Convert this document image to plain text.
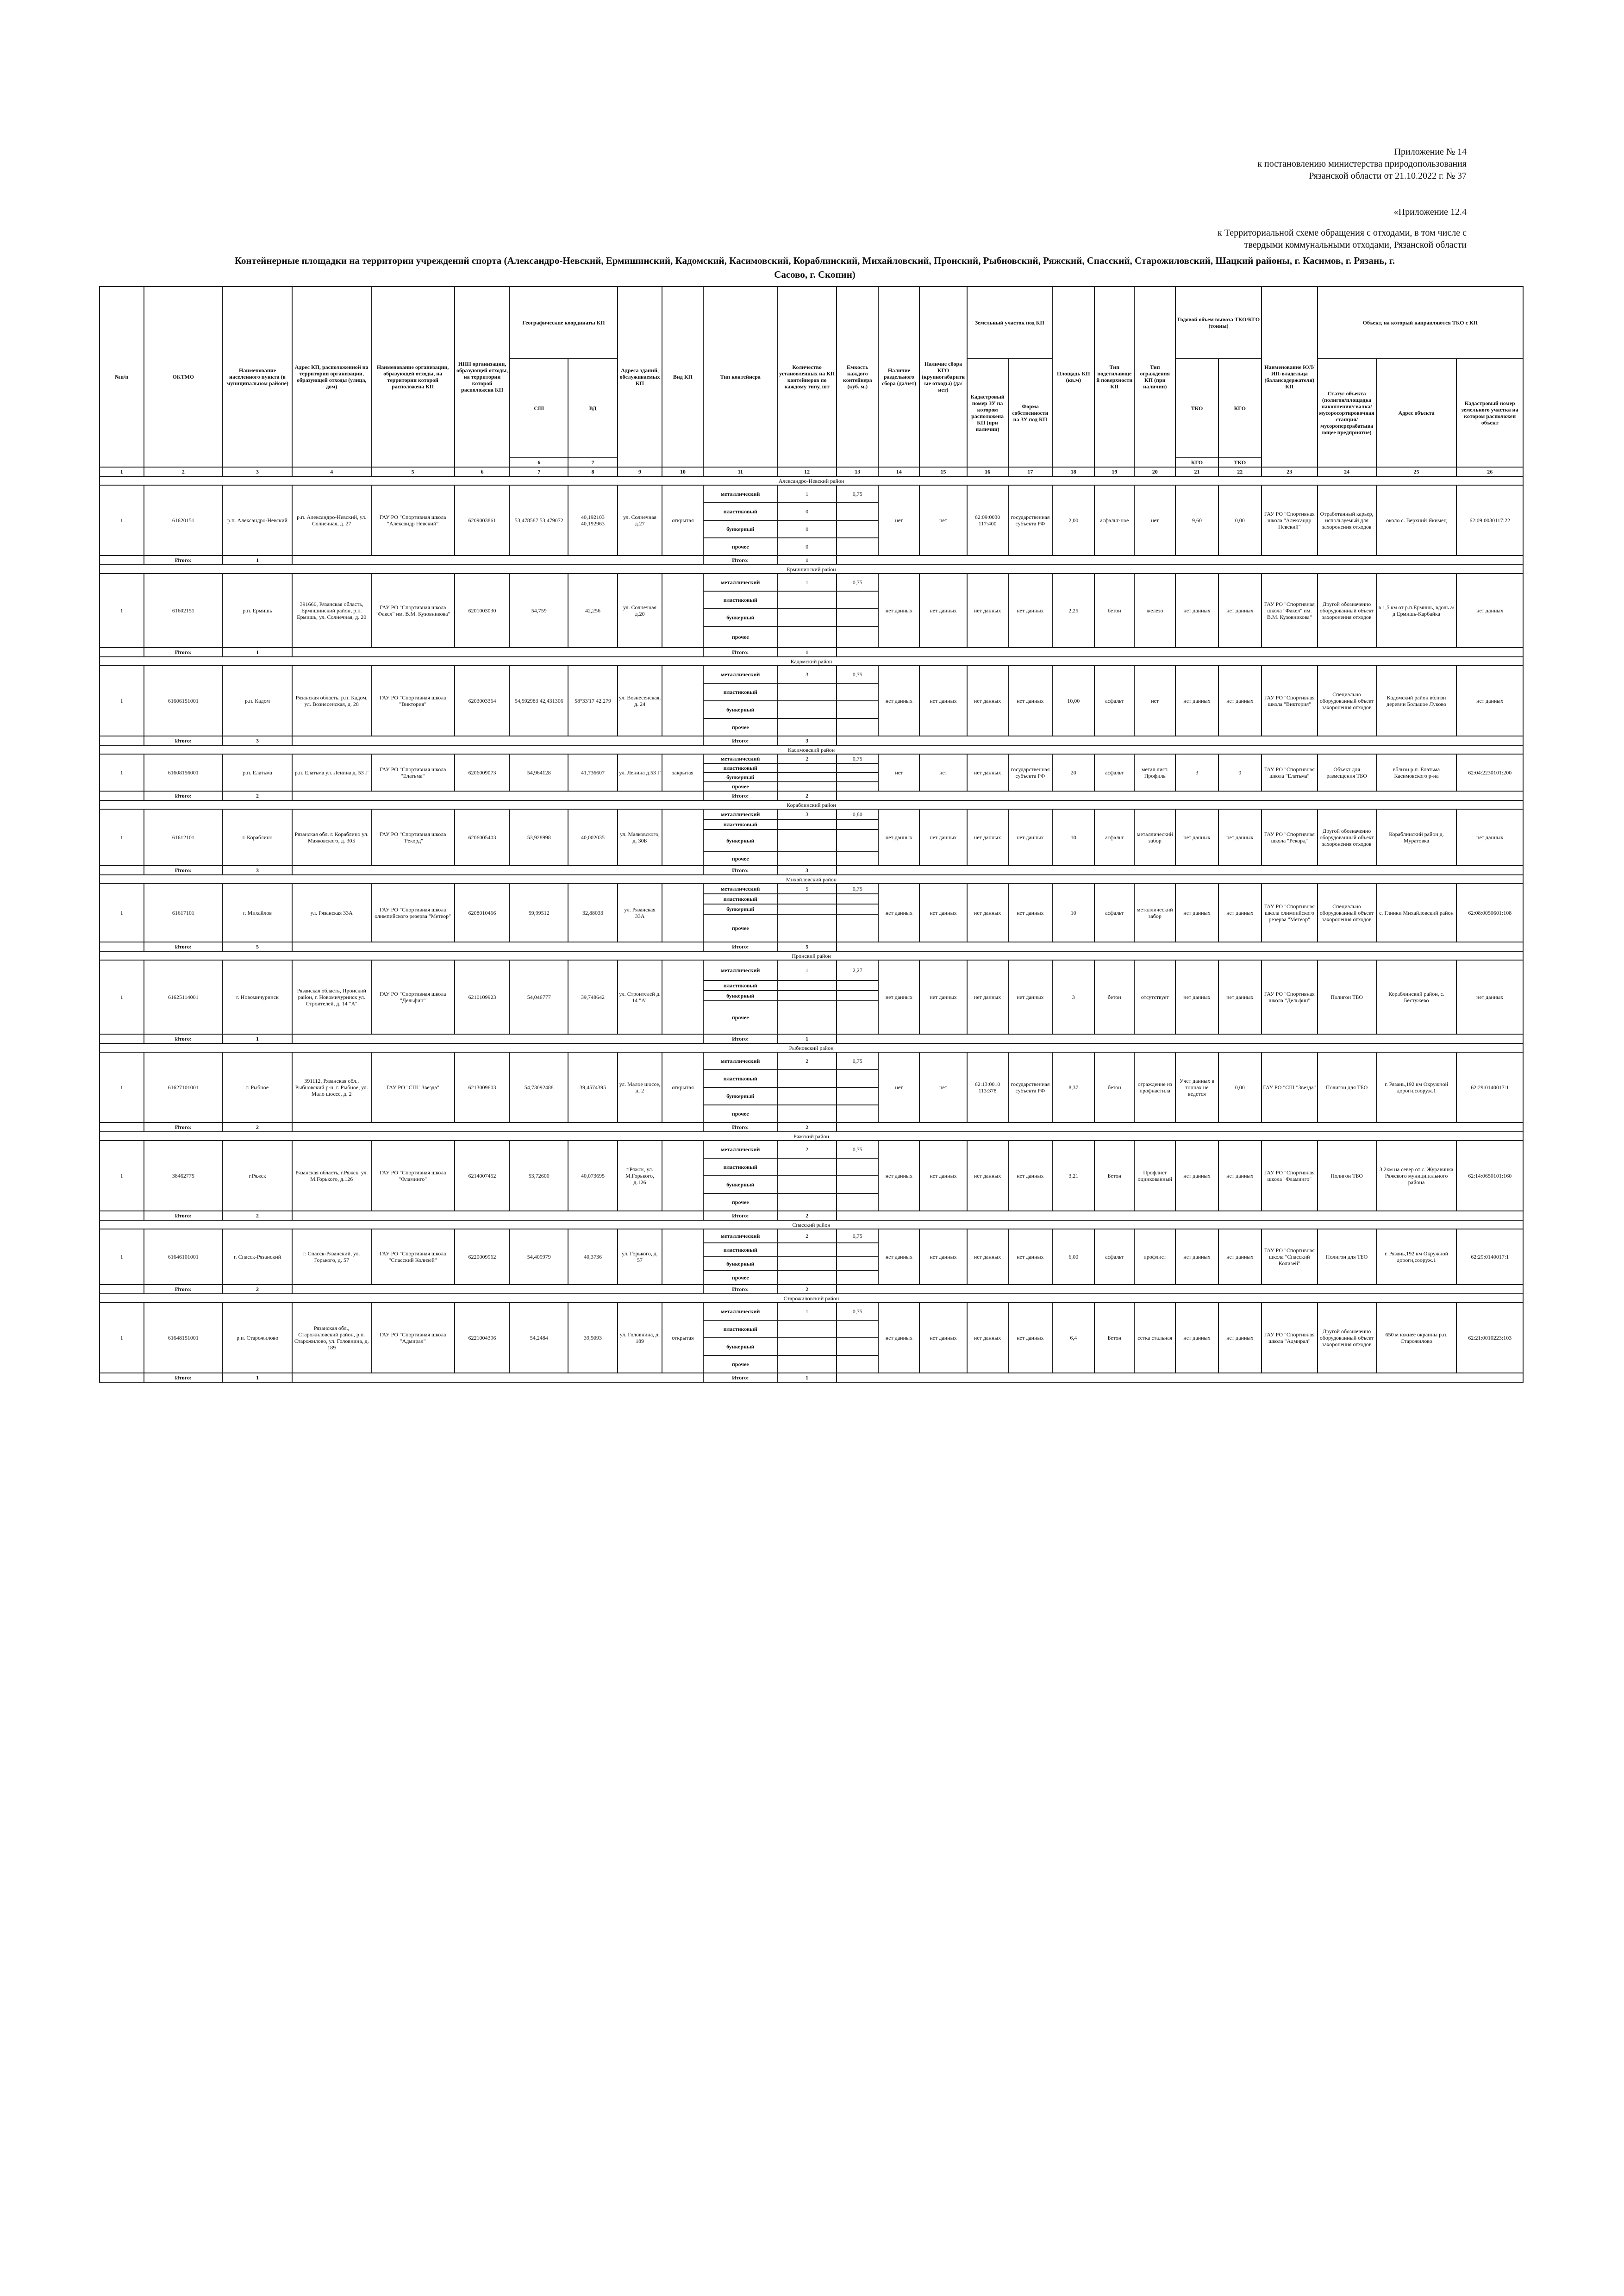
Приложение № 14
к постановлению министерства природопользования
Рязанской области от 21.10.2022 г. № 37
«Приложение 12.4
к Территориальной схеме обращения с отходами, в том числе с
твердыми коммунальными отходами, Рязанской области
Контейнерные площадки на территории учреждений спорта (Александро-Невский, Ермишинский, Кадомский, Касимовский, Кораблинский, Михайловский, Пронский, Рыбновский, Ряжский, Спасский, Старожиловский, Шацкий районы, г. Касимов, г. Рязань, г.
Сасово, г. Скопин)
№п/п	ОКТМО	Наименование населенного пункта (в муниципальном районе)	Адрес КП, расположенной на территории организации, образующей отходы (улица, дом)	Наименование организации, образующей отходы, на территории которой расположена КП	ИНН организации, образующей отходы, на территории которой расположена КП	Географические координаты КП		Адреса зданий, обслуживаемых КП	Вид КП	Тип контейнера	Количество установленных на КП контейнеров по каждому типу, шт	Емкость каждого контейнера (куб. м.)	Наличие раздельного сбора (да/нет)	Наличие сбора КГО (крупногабаритные отходы) (да/нет)	Земельный участок под КП		Площадь КП (кв.м)	Тип подстилающей поверхности КП	Тип ограждения КП (при наличии)	Годовой объем вывоза ТКО/КГО (тонны)		Наименование ЮЛ/ИП-владельца (балансодержателя) КП	Объект, на который направляются ТКО с КП		
						СШ	ВД								Кадастровый номер ЗУ на котором расположена КП (при наличии)	Форма собственности на ЗУ под КП				ТКО	КГО		Статус объекта (полигон/площадка накопления/свалка/мусоросортировочная станция/мусороперерабатывающее предприятие)	Адрес объекта	Кадастровый номер земельного участка на котором расположен объект
						6	7													КГО	ТКО				
1	2	3	4	5	6	7	8	9	10	11	12	13	14	15	16	17	18	19	20	21	22	23	24	25	26
Александро-Невский район																									
1	61620151	р.п. Александро-Невский	р.п. Александро-Невский, ул. Солнечная, д. 27	ГАУ РО "Спортивная школа "Александр Невский"	6209003861	53,478587 53,479072	40,192103 40,192963	ул. Солнечная д.27	открытая	металлический	1	0,75	нет	нет	62:09:0030 117:400	государственная субъекта РФ	2,00	асфальт-ное	нет	9,60	0,00	ГАУ РО "Спортивная школа "Александр Невский"	Отработанный карьер, используемый для захоронения отходов	около с. Верхний Якимец	62:09:0030117:22
										пластиковый	0														
										бункерный	0														
										прочее	0														
	Итого:	1								Итого:	1														
Ермишинский район																									
1	61602151	р.п. Ермишь	391660, Рязанская область, Ермишинский район, р.п. Ермишь, ул. Солнечная, д. 20	ГАУ РО "Спортивная школа "Факел" им. В.М. Кузовникова"	6201003030	54,759	42,256	ул. Солнечная д.20		металлический	1	0,75	нет данных	нет данных	нет данных	нет данных	2,25	бетон	железо	нет данных	нет данных	ГАУ РО "Спортивная школа "Факел" им. В.М. Кузовникова"	Другой обозначенно оборудованный объект захоронения отходов	в 1,5 км от р.п.Ермишь, вдоль а/д Ермишь-Карбайка	нет данных
										пластиковый															
										бункерный															
										прочее															
	Итого:	1								Итого:	1														
Кадомский район																									
1	61606151001	р.п. Кадом	Рязанская область, р.п. Кадом, ул. Вознесенская, д. 28	ГАУ РО "Спортивная школа "Виктория"	6203003364	54,592983 42,431306	58°33'17 42.279	ул. Вознесенская, д. 24		металлический	3	0,75	нет данных	нет данных	нет данных	нет данных	10,00	асфальт	нет	нет данных	нет данных	ГАУ РО "Спортивная школа "Виктория"	Специально оборудованный объект захоронения отходов	Кадомский район вблизи деревни Большое Луково	нет данных
										пластиковый															
										бункерный															
										прочее															
	Итого:	3								Итого:	3														
Касимовский район																									
1	61608156001	р.п. Елатьма	р.п. Елатьма ул. Ленина д. 53 Г	ГАУ РО "Спортивная школа "Елатьма"	6206009073	54,964128	41,736607	ул. Ленина д.53 Г	закрытая	металлический	2	0,75	нет	нет	нет данных	государственная субъекта РФ	20	асфальт	метал.лист. Профиль	3	0	ГАУ РО "Спортивная школа "Елатьма"	Объект для размещения ТБО	вблизи р.п. Елатьма Касимовского р-на	62:04:2230101:200
										пластиковый															
										бункерный															
										прочее															
	Итого:	2								Итого:	2														
Кораблинский район																									
1	61612101	г. Кораблино	Рязанская обл. г. Кораблино ул. Маяковского, д. 30Б	ГАУ РО "Спортивная школа "Рекорд"	6206005403	53,928998	40,002035	ул. Маяковского, д. 30Б		металлический	3	0,80	нет данных	нет данных	нет данных	нет данных	10	асфальт	металлический забор	нет данных	нет данных	ГАУ РО "Спортивная школа "Рекорд"	Другой обозначенно оборудованный объект захоронения отходов	Кораблинский район д. Муратовка	нет данных
										пластиковый															
										бункерный															
										прочее															
	Итого:	3								Итого:	3														
Михайловский район																									
1	61617101	г. Михайлов	ул. Рязанская 33А	ГАУ РО "Спортивная школа олимпийского резерва "Метеор"	6208010466	59,99512	32,88033	ул. Рязанская 33А		металлический	5	0,75	нет данных	нет данных	нет данных	нет данных	10	асфальт	металлический забор	нет данных	нет данных	ГАУ РО "Спортивная школа олимпийского резерва "Метеор"	Специально оборудованный объект захоронения отходов	с. Глинки Михайловский район	62:08:0050601:108
										пластиковый															
										бункерный															
										прочее															
	Итого:	5								Итого:	5														
Пронский район																									
1	61625114001	г. Новомичуринск	Рязанская область, Пронский район, г. Новомичуринск ул. Строителей, д. 14 "А"	ГАУ РО "Спортивная школа "Дельфин"	6210109923	54,046777	39,748642	ул. Строителей д. 14 "А"		металлический	1	2,27	нет данных	нет данных	нет данных	нет данных	3	бетон	отсутствует	нет данных	нет данных	ГАУ РО "Спортивная школа "Дельфин"	Полигон ТБО	Кораблинский район, с. Бестужево	нет данных
										пластиковый															
										бункерный															
										прочее															
	Итого:	1								Итого:	1														
Рыбновский район																									
1	61627101001	г. Рыбное	391112, Рязанская обл., Рыбновский р-н, г. Рыбное, ул. Мало шоссе, д. 2	ГАУ РО "СШ "Звезда"	6213009603	54,73092488	39,4574395	ул. Малое шоссе, д. 2	открытая	металлический	2	0,75	нет	нет	62:13:0010 113:378	государственная субъекта РФ	8,37	бетон	ограждение из профнастила	Учет данных в тоннах не ведется	0,00	ГАУ РО "СШ "Звезда"	Полигон для ТБО	г. Рязань,192 км Окружной дороги,сооруж.1	62:29:0140017:1
										пластиковый															
										бункерный															
										прочее															
	Итого:	2								Итого:	2														
Ряжский район																									
1	38462775	г.Ряжск	Рязанская область, г.Ряжск, ул. М.Горького, д.126	ГАУ РО "Спортивная школа "Фламинго"	6214007452	53,72600	40,073695	г.Ряжск, ул. М.Горького, д.126		металлический	2	0,75	нет данных	нет данных	нет данных	нет данных	3,21	Бетон	Профлист оцинкованный	нет данных	нет данных	ГАУ РО "Спортивная школа "Фламинго"	Полигон ТБО	3,2км на север от с. Журавинка Ряжского муниципального района	62:14:0650101:160
										пластиковый															
										бункерный															
										прочее															
	Итого:	2								Итого:	2														
Спасский район																									
1	61646101001	г. Спасск-Рязанский	г. Спасск-Рязанский, ул. Горького, д. 57	ГАУ РО "Спортивная школа "Спасский Колизей"	6220009962	54,409979	40,3736	ул. Горького, д. 57		металлический	2	0,75	нет данных	нет данных	нет данных	нет данных	6,00	асфальт	профлист	нет данных	нет данных	ГАУ РО "Спортивная школа "Спасский Колизей"	Полигон для ТБО	г. Рязань,192 км Окружной дороги,сооруж.1	62:29:0140017:1
										пластиковый															
										бункерный															
										прочее															
	Итого:	2								Итого:	2														
Старожиловский район																									
1	61648151001	р.п. Старожилово	Рязанская обл., Старожиловский район, р.п. Старожилово, ул. Головнина, д. 189	ГАУ РО "Спортивная школа "Адмирал"	6221004396	54,2484	39,9093	ул. Головнина, д. 189	открытая	металлический	1	0,75	нет данных	нет данных	нет данных	нет данных	6,4	Бетон	сетка стальная	нет данных	нет данных	ГАУ РО "Спортивная школа "Адмирал"	Другой обозначенно оборудованный объект захоронения отходов	650 м южнее окраины р.п. Старожилово	62:21:0010223:103
										пластиковый															
										бункерный															
										прочее															
	Итого:	1								Итого:	1														
